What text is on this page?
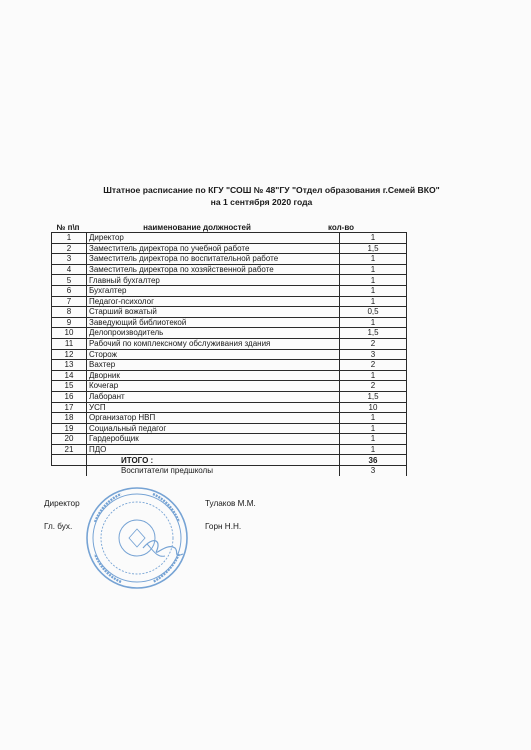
Штатное расписание по КГУ "СОШ № 48"ГУ "Отдел образования г.Семей ВКО"
на 1 сентября 2020 года
№ п\п	наименование должностей	кол-во
1	Директор	1
2	Заместитель директора по учебной работе	1,5
3	Заместитель директора по воспитательной работе	1
4	Заместитель директора по хозяйственной работе	1
5	Главный бухгалтер	1
6	Бухгалтер	1
7	Педагог-психолог	1
8	Старший вожатый	0,5
9	Заведующий библиотекой	1
10	Делопроизводитель	1,5
11	Рабочий по комплексному обслуживания здания	2
12	Сторож	3
13	Вахтер	2
14	Дворник	1
15	Кочегар	2
16	Лаборант	1,5
17	УСП	10
18	Организатор НВП	1
19	Социальный педагог	1
20	Гардеробщик	1
21	ПДО	1
	ИТОГО :	36
	Воспитатели предшколы	3
Директор	Тулаков М.М.
Гл. бух.	Горн Н.Н.
